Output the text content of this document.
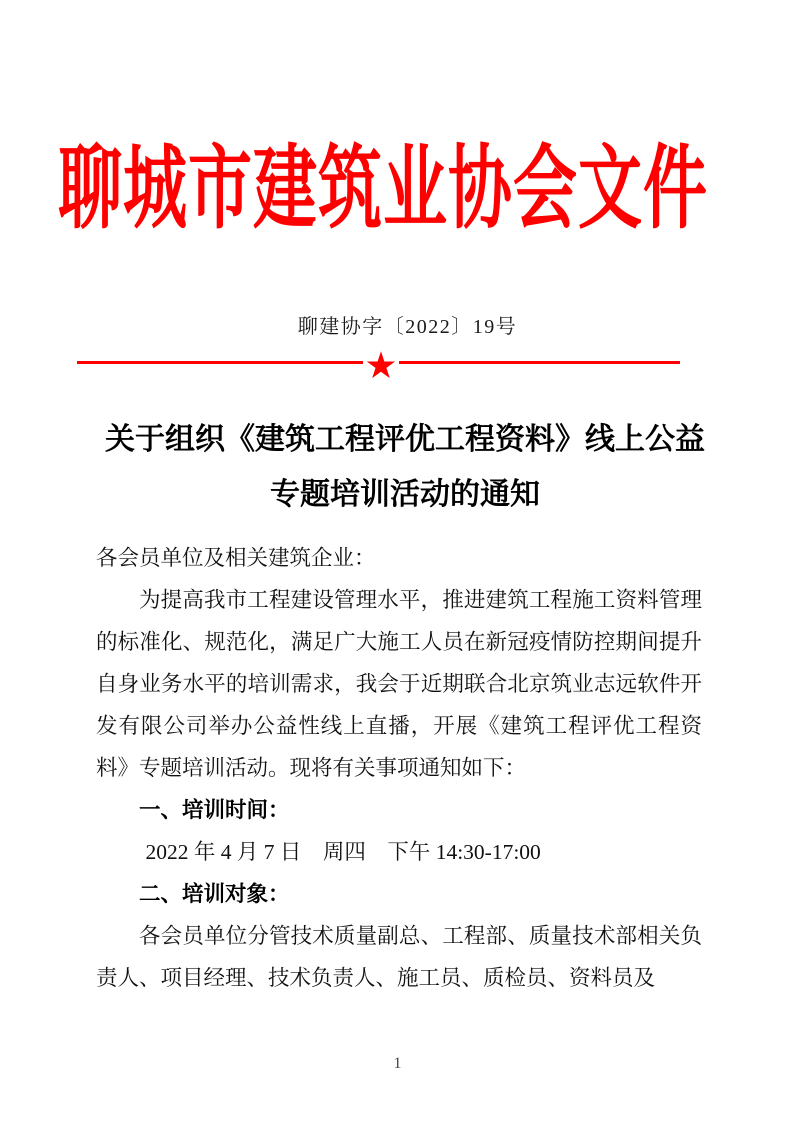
聊城市建筑业协会文件
聊建协字〔2022〕19号
★
关于组织《建筑工程评优工程资料》线上公益
专题培训活动的通知

各会员单位及相关建筑企业：

为提高我市工程建设管理水平，推进建筑工程施工资料管理的标准化、规范化，满足广大施工人员在新冠疫情防控期间提升自身业务水平的培训需求，我会于近期联合北京筑业志远软件开发有限公司举办公益性线上直播，开展《建筑工程评优工程资料》专题培训活动。现将有关事项通知如下：

一、培训时间：

2022 年 4 月 7 日　周四　下午 14:30-17:00

二、培训对象：

各会员单位分管技术质量副总、工程部、质量技术部相关负责人、项目经理、技术负责人、施工员、质检员、资料员及

1
